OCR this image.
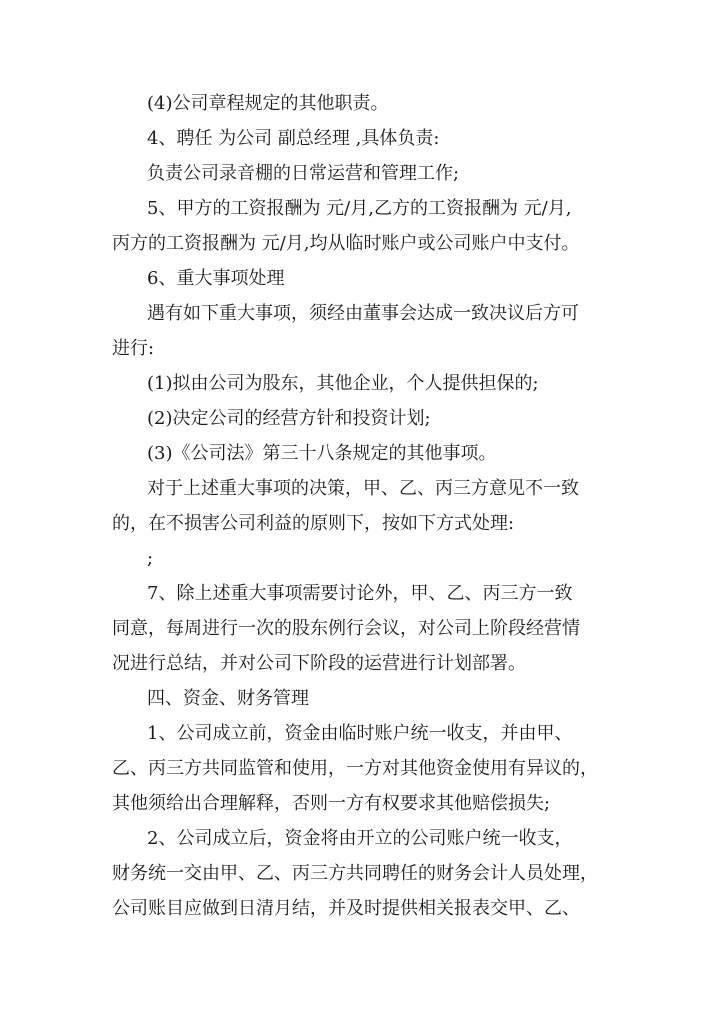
(4)公司章程规定的其他职责。
4、聘任 为公司 副总经理 ,具体负责:
负责公司录音棚的日常运营和管理工作;
5、甲方的工资报酬为 元/月,乙方的工资报酬为 元/月,
丙方的工资报酬为 元/月,均从临时账户或公司账户中支付。
6、重大事项处理
遇有如下重大事项，须经由董事会达成一致决议后方可
进行:
(1)拟由公司为股东，其他企业，个人提供担保的;
(2)决定公司的经营方针和投资计划;
(3)《公司法》第三十八条规定的其他事项。
对于上述重大事项的决策，甲、乙、丙三方意见不一致
的，在不损害公司利益的原则下，按如下方式处理:
;
7、除上述重大事项需要讨论外，甲、乙、丙三方一致
同意，每周进行一次的股东例行会议，对公司上阶段经营情
况进行总结，并对公司下阶段的运营进行计划部署。
四、资金、财务管理
1、公司成立前，资金由临时账户统一收支，并由甲、
乙、丙三方共同监管和使用，一方对其他资金使用有异议的，
其他须给出合理解释，否则一方有权要求其他赔偿损失;
2、公司成立后，资金将由开立的公司账户统一收支，
财务统一交由甲、乙、丙三方共同聘任的财务会计人员处理，
公司账目应做到日清月结，并及时提供相关报表交甲、乙、
